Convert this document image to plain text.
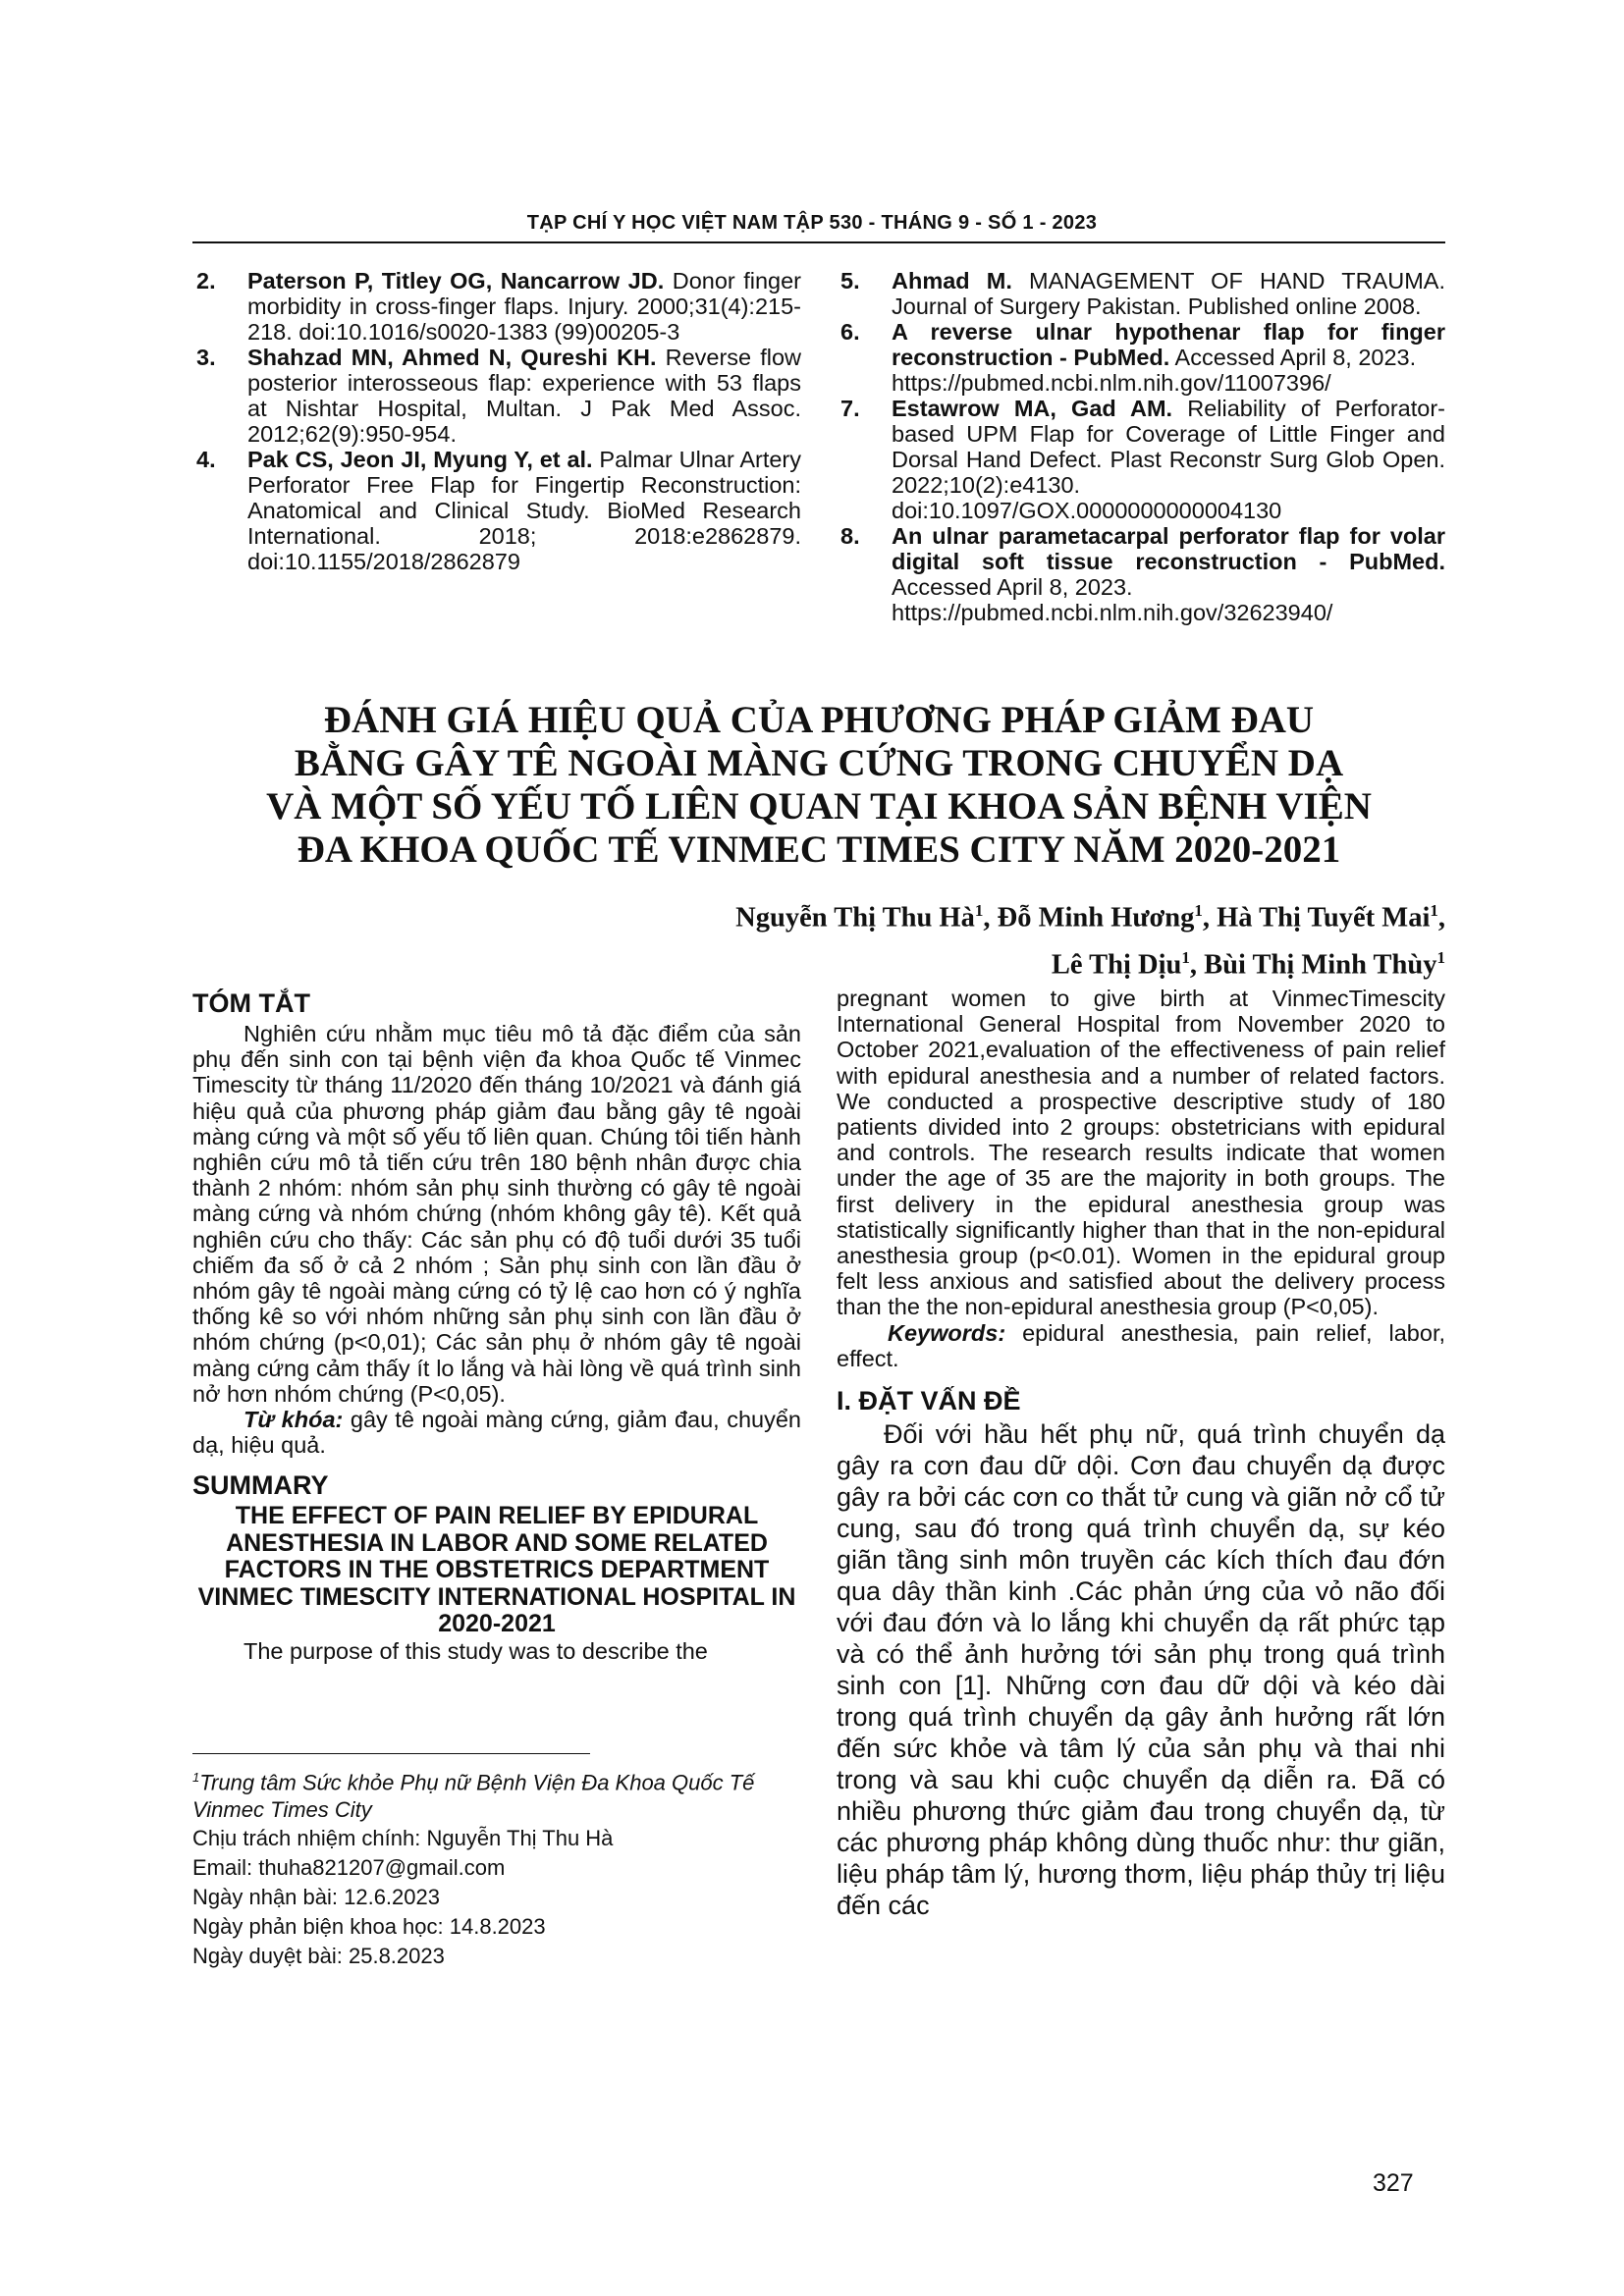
TẠP CHÍ Y HỌC VIỆT NAM TẬP 530 - THÁNG 9 - SỐ 1 - 2023
2. Paterson P, Titley OG, Nancarrow JD. Donor finger morbidity in cross-finger flaps. Injury. 2000;31(4):215-218. doi:10.1016/s0020-1383 (99)00205-3
3. Shahzad MN, Ahmed N, Qureshi KH. Reverse flow posterior interosseous flap: experience with 53 flaps at Nishtar Hospital, Multan. J Pak Med Assoc. 2012;62(9):950-954.
4. Pak CS, Jeon JI, Myung Y, et al. Palmar Ulnar Artery Perforator Free Flap for Fingertip Reconstruction: Anatomical and Clinical Study. BioMed Research International. 2018; 2018:e2862879. doi:10.1155/2018/2862879
5. Ahmad M. MANAGEMENT OF HAND TRAUMA. Journal of Surgery Pakistan. Published online 2008.
6. A reverse ulnar hypothenar flap for finger reconstruction - PubMed. Accessed April 8, 2023.
https://pubmed.ncbi.nlm.nih.gov/11007396/
7. Estawrow MA, Gad AM. Reliability of Perforator-based UPM Flap for Coverage of Little Finger and Dorsal Hand Defect. Plast Reconstr Surg Glob Open. 2022;10(2):e4130. doi:10.1097/GOX.0000000000004130
8. An ulnar parametacarpal perforator flap for volar digital soft tissue reconstruction - PubMed. Accessed April 8, 2023.
https://pubmed.ncbi.nlm.nih.gov/32623940/
ĐÁNH GIÁ HIỆU QUẢ CỦA PHƯƠNG PHÁP GIẢM ĐAU
BẰNG GÂY TÊ NGOÀI MÀNG CỨNG TRONG CHUYỂN DẠ
VÀ MỘT SỐ YẾU TỐ LIÊN QUAN TẠI KHOA SẢN BỆNH VIỆN
ĐA KHOA QUỐC TẾ VINMEC TIMES CITY NĂM 2020-2021
Nguyễn Thị Thu $Hà^1$, Đỗ Minh Hương$^1$, Hà Thị Tuyết Mai$^1$,
Lê Thị Dịu$^1$, Bùi Thị Minh Thùy$^1$
TÓM TẮT

Nghiên cứu nhằm mục tiêu mô tả đặc điểm của sản phụ đến sinh con tại bệnh viện đa khoa Quốc tế Vinmec Timescity từ tháng 11/2020 đến tháng 10/2021 và đánh giá hiệu quả của phương pháp giảm đau bằng gây tê ngoài màng cứng và một số yếu tố liên quan. Chúng tôi tiến hành nghiên cứu mô tả tiến cứu trên 180 bệnh nhân được chia thành 2 nhóm: nhóm sản phụ sinh thường có gây tê ngoài màng cứng và nhóm chứng (nhóm không gây tê). Kết quả nghiên cứu cho thấy: Các sản phụ có độ tuổi dưới 35 tuổi chiếm đa số ở cả 2 nhóm ; Sản phụ sinh con lần đầu ở nhóm gây tê ngoài màng cứng có tỷ lệ cao hơn có ý nghĩa thống kê so với nhóm những sản phụ sinh con lần đầu ở nhóm chứng (p<0,01); Các sản phụ ở nhóm gây tê ngoài màng cứng cảm thấy ít lo lắng và hài lòng về quá trình sinh nở hơn nhóm chứng (P<0,05).

Từ khóa: gây tê ngoài màng cứng, giảm đau, chuyển dạ, hiệu quả.

SUMMARY

THE EFFECT OF PAIN RELIEF BY EPIDURAL ANESTHESIA IN LABOR AND SOME RELATED FACTORS IN THE OBSTETRICS DEPARTMENT VINMEC TIMESCITY INTERNATIONAL HOSPITAL IN 2020-2021

The purpose of this study was to describe the

$^1$Trung tâm Sức khỏe Phụ nữ Bệnh Viện Đa Khoa Quốc Tế Vinmec Times City
Chịu trách nhiệm chính: Nguyễn Thị Thu Hà
Email: thuha821207@gmail.com
Ngày nhận bài: 12.6.2023
Ngày phản biện khoa học: 14.8.2023
Ngày duyệt bài: 25.8.2023

pregnant women to give birth at VinmecTimescity International General Hospital from November 2020 to October 2021,evaluation of the effectiveness of pain relief with epidural anesthesia and a number of related factors. We conducted a prospective descriptive study of 180 patients divided into 2 groups: obstetricians with epidural and controls. The research results indicate that women under the age of 35 are the majority in both groups. The first delivery in the epidural anesthesia group was statistically significantly higher than that in the non-epidural anesthesia group (p<0.01). Women in the epidural group felt less anxious and satisfied about the delivery process than the the non-epidural anesthesia group (P<0,05).

Keywords: epidural anesthesia, pain relief, labor, effect.

I. ĐẶT VẤN ĐỀ

Đối với hầu hết phụ nữ, quá trình chuyển dạ gây ra cơn đau dữ dội. Cơn đau chuyển dạ được gây ra bởi các cơn co thắt tử cung và giãn nở cổ tử cung, sau đó trong quá trình chuyển dạ, sự kéo giãn tầng sinh môn truyền các kích thích đau đớn qua dây thần kinh .Các phản ứng của vỏ não đối với đau đớn và lo lắng khi chuyển dạ rất phức tạp và có thể ảnh hưởng tới sản phụ trong quá trình sinh con [1]. Những cơn đau dữ dội và kéo dài trong quá trình chuyển dạ gây ảnh hưởng rất lớn đến sức khỏe và tâm lý của sản phụ và thai nhi trong và sau khi cuộc chuyển dạ diễn ra. Đã có nhiều phương thức giảm đau trong chuyển dạ, từ các phương pháp không dùng thuốc như: thư giãn, liệu pháp tâm lý, hương thơm, liệu pháp thủy trị liệu đến các

327
